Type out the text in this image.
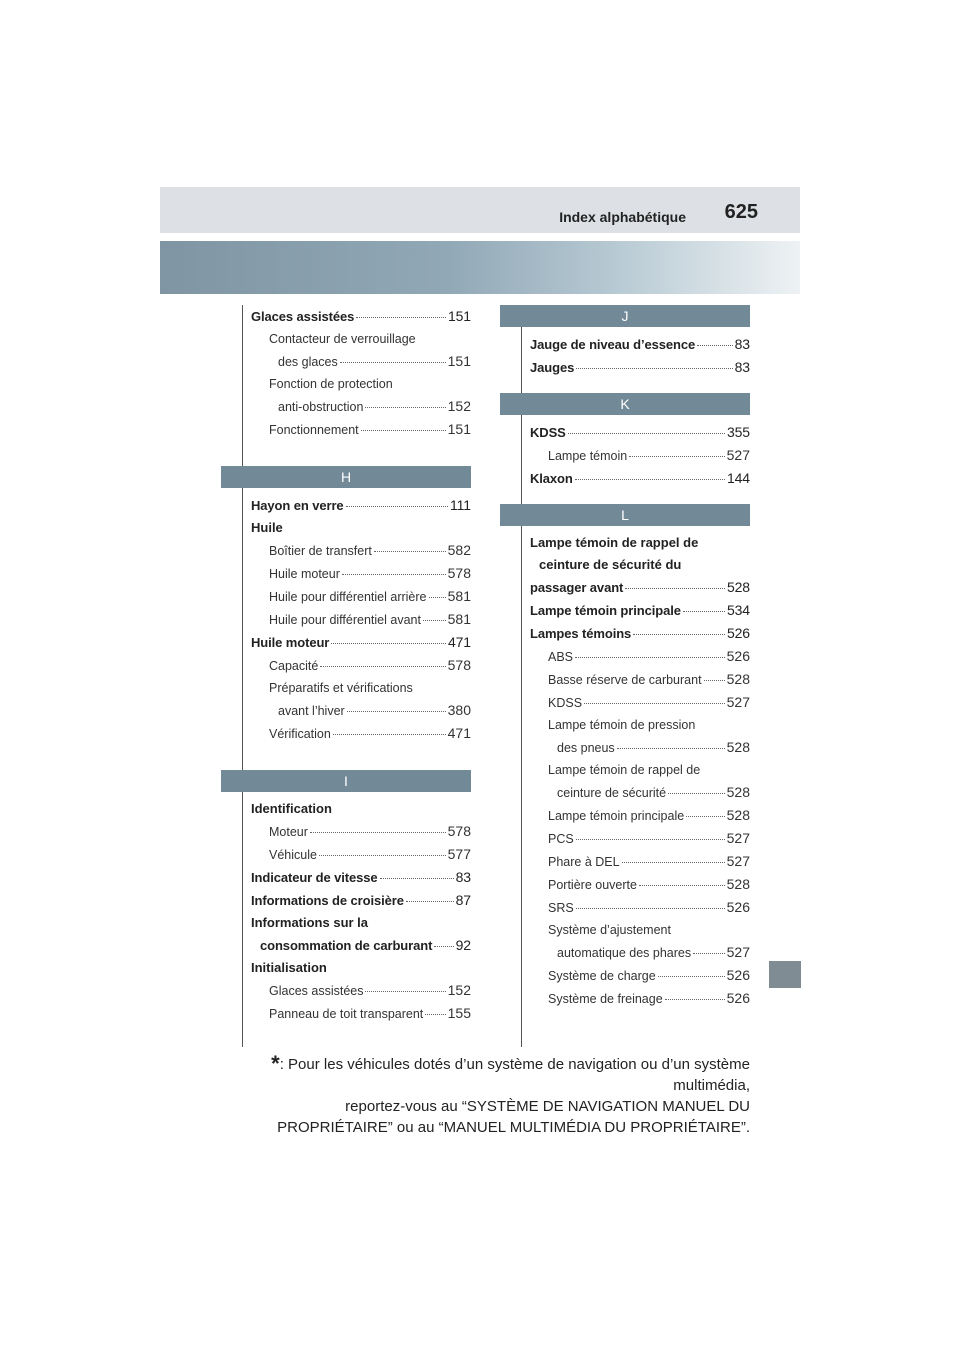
Index alphabétique 625
Glaces assistées	151
Contacteur de verrouillage
des glaces	151
Fonction de protection
anti-obstruction	152
Fonctionnement	151
H
Hayon en verre	111
Huile
Boîtier de transfert	582
Huile moteur	578
Huile pour différentiel arrière 581
Huile pour différentiel avant 581
Huile moteur	471
Capacité	578
Préparatifs et vérifications
avant l’hiver	380
Vérification	471
I
Identification
Moteur	578
Véhicule	577
Indicateur de vitesse	83
Informations de croisière	87
Informations sur la
consommation de carburant 92
Initialisation
Glaces assistées	152
Panneau de toit transparent 155
J
Jauge de niveau d’essence	83
Jauges	83
K
KDSS	355
Lampe témoin	527
Klaxon	144
L
Lampe témoin de rappel de
ceinture de sécurité du
passager avant	528
Lampe témoin principale	534
Lampes témoins	526
ABS	526
Basse réserve de carburant 528
KDSS	527
Lampe témoin de pression
des pneus	528
Lampe témoin de rappel de
ceinture de sécurité	528
Lampe témoin principale	528
PCS	527
Phare à DEL	527
Portière ouverte	528
SRS	526
Système d’ajustement
automatique des phares	527
Système de charge	526
Système de freinage	526
*: Pour les véhicules dotés d’un système de navigation ou d’un système multimédia,
reportez-vous au “SYSTÈME DE NAVIGATION MANUEL DU
PROPRIÉTAIRE” ou au “MANUEL MULTIMÉDIA DU PROPRIÉTAIRE”.
